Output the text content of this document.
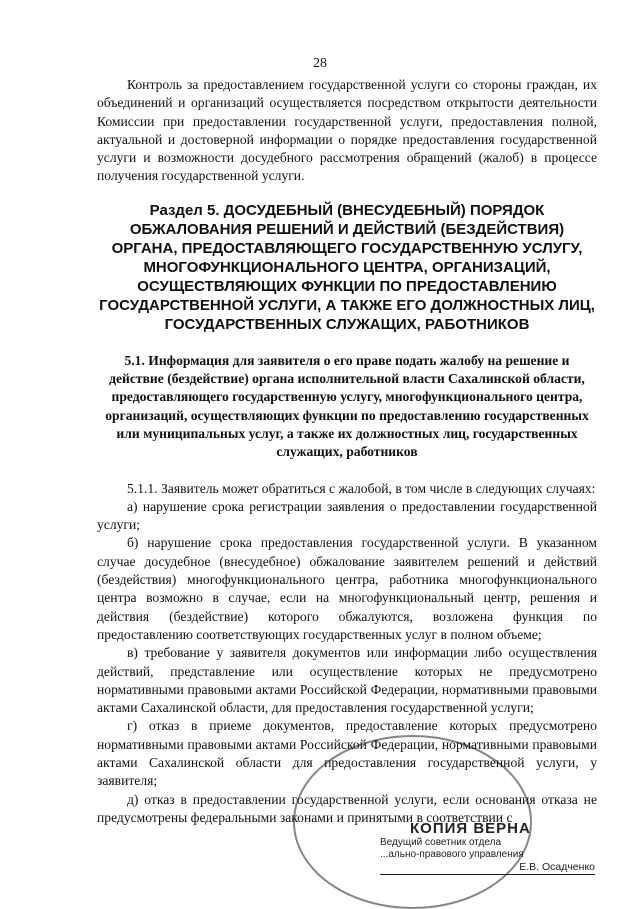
28

Контроль за предоставлением государственной услуги со стороны граждан, их объединений и организаций осуществляется посредством открытости деятельности Комиссии при предоставлении государственной услуги, предоставления полной, актуальной и достоверной информации о порядке предоставления государственной услуги и возможности досудебного рассмотрения обращений (жалоб) в процессе получения государственной услуги.

Раздел 5. ДОСУДЕБНЫЙ (ВНЕСУДЕБНЫЙ) ПОРЯДОК ОБЖАЛОВАНИЯ РЕШЕНИЙ И ДЕЙСТВИЙ (БЕЗДЕЙСТВИЯ) ОРГАНА, ПРЕДОСТАВЛЯЮЩЕГО ГОСУДАРСТВЕННУЮ УСЛУГУ, МНОГОФУНКЦИОНАЛЬНОГО ЦЕНТРА, ОРГАНИЗАЦИЙ, ОСУЩЕСТВЛЯЮЩИХ ФУНКЦИИ ПО ПРЕДОСТАВЛЕНИЮ ГОСУДАРСТВЕННОЙ УСЛУГИ, А ТАКЖЕ ЕГО ДОЛЖНОСТНЫХ ЛИЦ, ГОСУДАРСТВЕННЫХ СЛУЖАЩИХ, РАБОТНИКОВ
5.1. Информация для заявителя о его праве подать жалобу на решение и действие (бездействие) органа исполнительной власти Сахалинской области, предоставляющего государственную услугу, многофункционального центра, организаций, осуществляющих функции по предоставлению государственных или муниципальных услуг, а также их должностных лиц, государственных служащих, работников

5.1.1. Заявитель может обратиться с жалобой, в том числе в следующих случаях:

а) нарушение срока регистрации заявления о предоставлении государственной услуги;

б) нарушение срока предоставления государственной услуги. В указанном случае досудебное (внесудебное) обжалование заявителем решений и действий (бездействия) многофункционального центра, работника многофункционального центра возможно в случае, если на многофункциональный центр, решения и действия (бездействие) которого обжалуются, возложена функция по предоставлению соответствующих государственных услуг в полном объеме;

в) требование у заявителя документов или информации либо осуществления действий, представление или осуществление которых не предусмотрено нормативными правовыми актами Российской Федерации, нормативными правовыми актами Сахалинской области, для предоставления государственной услуги;

г) отказ в приеме документов, предоставление которых предусмотрено нормативными правовыми актами Российской Федерации, нормативными правовыми актами Сахалинской области для предоставления государственной услуги, у заявителя;

д) отказ в предоставлении государственной услуги, если основания отказа не предусмотрены федеральными законами и принятыми в соответствии с

КОПИЯ ВЕРНА
Ведущий советник отдела
...ально-правового управления
Е.В. Осадченко
